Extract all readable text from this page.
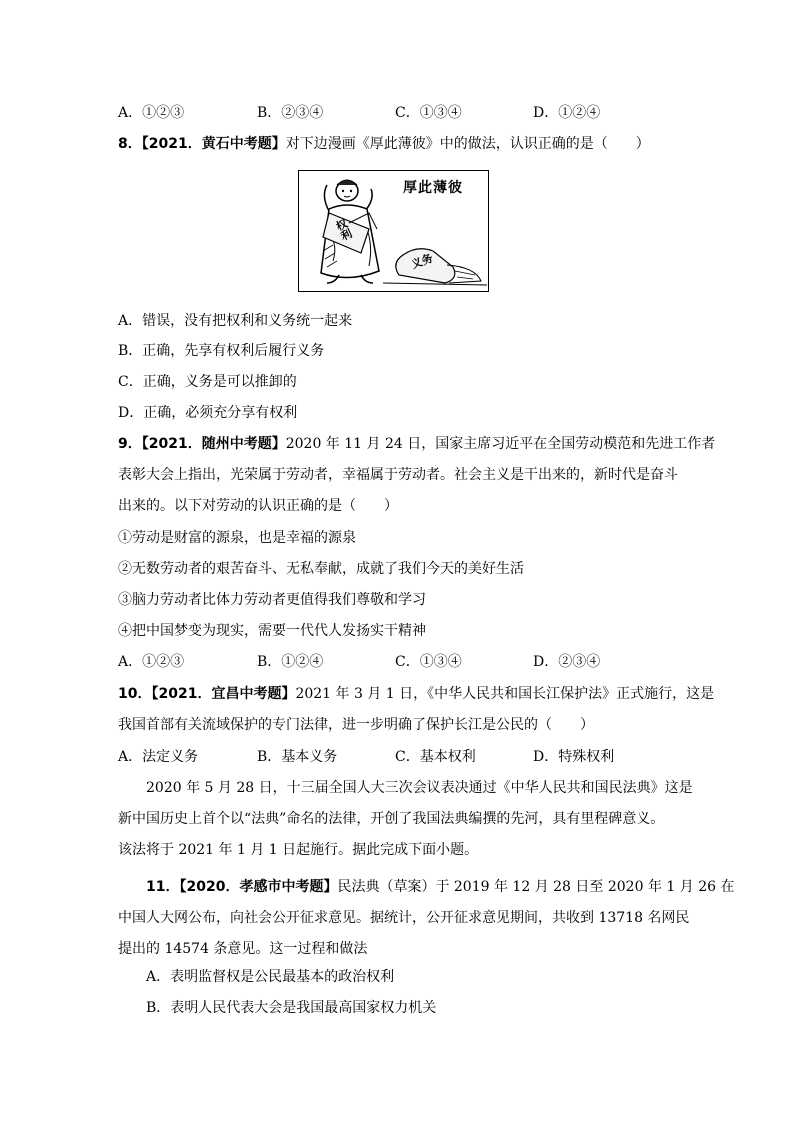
A．①②③	B．②③④	C．①③④	D．①②④
8．【2021．黄石中考题】对下边漫画《厚此薄彼》中的做法，认识正确的是（　　）
厚此薄彼
权利
义务
A．错误，没有把权利和义务统一起来
B．正确，先享有权利后履行义务
C．正确，义务是可以推卸的
D．正确，必须充分享有权利
9．【2021．随州中考题】2020 年 11 月 24 日，国家主席习近平在全国劳动模范和先进工作者
表彰大会上指出，光荣属于劳动者，幸福属于劳动者。社会主义是干出来的，新时代是奋斗
出来的。以下对劳动的认识正确的是（　　）
①劳动是财富的源泉，也是幸福的源泉
②无数劳动者的艰苦奋斗、无私奉献，成就了我们今天的美好生活
③脑力劳动者比体力劳动者更值得我们尊敬和学习
④把中国梦变为现实，需要一代代人发扬实干精神
A．①②③	B．①②④	C．①③④	D．②③④
10．【2021．宜昌中考题】2021 年 3 月 1 日，《中华人民共和国长江保护法》正式施行，这是
我国首部有关流域保护的专门法律，进一步明确了保护长江是公民的（　　）
A．法定义务	B．基本义务	C．基本权利	D．特殊权利
2020 年 5 月 28 日，十三届全国人大三次会议表决通过《中华人民共和国民法典》这是
新中国历史上首个以“法典”命名的法律，开创了我国法典编撰的先河，具有里程碑意义。
该法将于 2021 年 1 月 1 日起施行。据此完成下面小题。
11．【2020．孝感市中考题】民法典（草案）于 2019 年 12 月 28 日至 2020 年 1 月 26 在
中国人大网公布，向社会公开征求意见。据统计，公开征求意见期间，共收到 13718 名网民
提出的 14574 条意见。这一过程和做法
A．表明监督权是公民最基本的政治权利
B．表明人民代表大会是我国最高国家权力机关
